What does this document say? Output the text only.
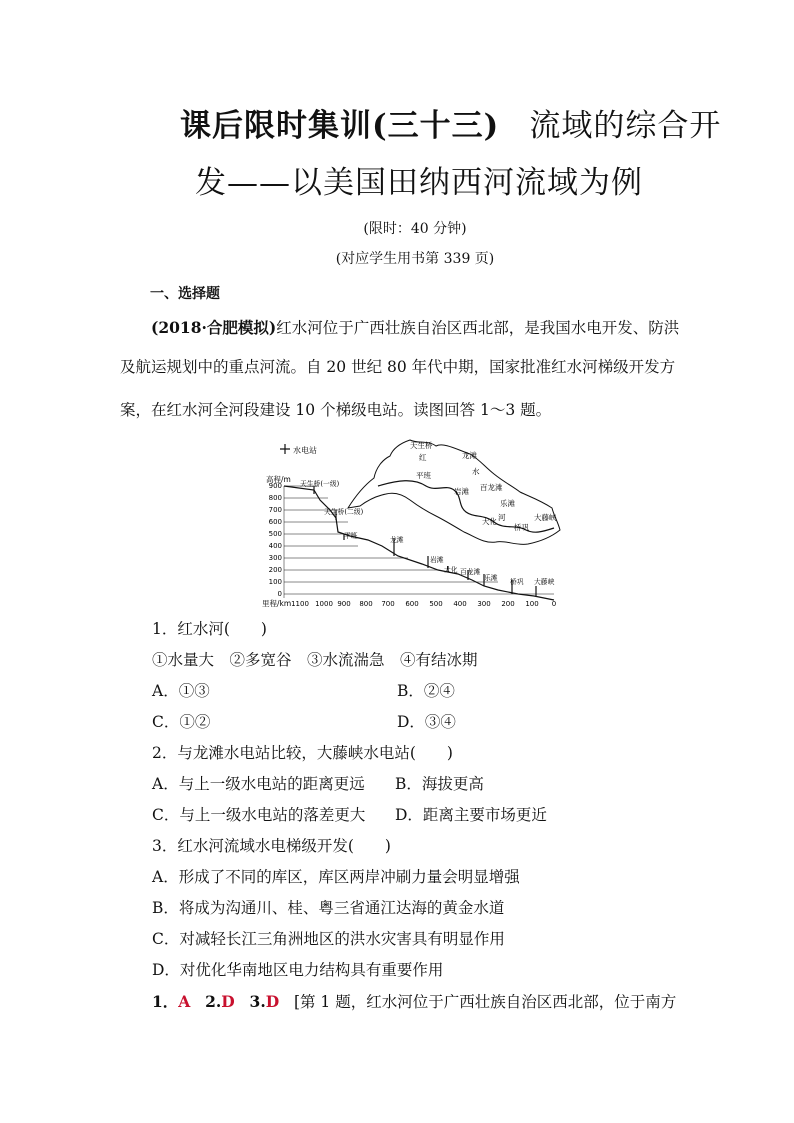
课后限时集训(三十三) 流域的综合开
发——以美国田纳西河流域为例
(限时：40 分钟)
(对应学生用书第 339 页)
一、选择题
(2018·合肥模拟)红水河位于广西壮族自治区西北部，是我国水电开发、防洪
及航运规划中的重点河流。自 20 世纪 80 年代中期，国家批准红水河梯级开发方
案，在红水河全河段建设 10 个梯级电站。读图回答 1～3 题。
水电站
天生桥
红
平班
龙滩
水
岩滩 百龙滩
乐滩
大化
桥巩
大藤峡
河
高程/m
900
800
700
600
500
400
300
200
100
0
天生桥(一级)
天生桥(二级)
平班	龙滩
岩滩
大化 百龙滩
乐滩 桥巩 大藤峡
里程/km 1100 1000 900 800 700 600 500 400 300 200 100 0
1．红水河(　　)
①水量大　②多宽谷　③水流湍急　④有结冰期
A．①③	B．②④
C．①②	D．③④
2．与龙滩水电站比较，大藤峡水电站(　　)
A．与上一级水电站的距离更远 B．海拔更高
C．与上一级水电站的落差更大 D．距离主要市场更近
3．红水河流域水电梯级开发(　　)
A．形成了不同的库区，库区两岸冲刷力量会明显增强
B．将成为沟通川、桂、粤三省通江达海的黄金水道
C．对减轻长江三角洲地区的洪水灾害具有明显作用
D．对优化华南地区电力结构具有重要作用
1．A 2.D 3.D [第 1 题，红水河位于广西壮族自治区西北部，位于南方
